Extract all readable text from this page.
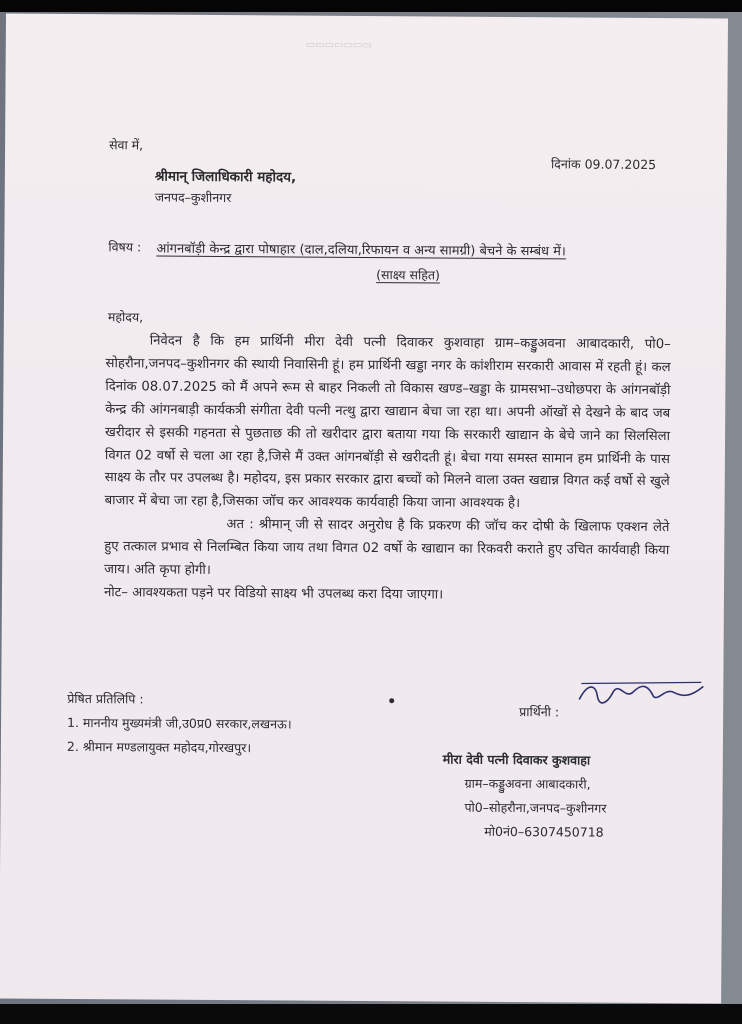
▭▭▭▭▭▭▭
सेवा में,
दिनांक 09.07.2025
श्रीमान् जिलाधिकारी महोदय,
जनपद–कुशीनगर
विषय : आंगनबॉड़ी केन्द्र द्वारा पोषाहार (दाल,दलिया,रिफायन व अन्य सामग्री) बेचने के सम्बंध में।
(साक्ष्य सहित)
महोदय,

निवेदन है कि हम प्रार्थिनी मीरा देवी पत्नी दिवाकर कुशवाहा ग्राम–कड्डुअवना आबादकारी, पो0–सोहरौना,जनपद–कुशीनगर की स्थायी निवासिनी हूं। हम प्रार्थिनी खड्डा नगर के कांशीराम सरकारी आवास में रहती हूं। कल दिनांक 08.07.2025 को मैं अपने रूम से बाहर निकली तो विकास खण्ड–खड्डा के ग्रामसभा–उधोछपरा के आंगनबॉड़ी केन्द्र की आंगनबाड़ी कार्यकत्री संगीता देवी पत्नी नत्थु द्वारा खाद्यान बेचा जा रहा था। अपनी ऑखों से देखने के बाद जब खरीदार से इसकी गहनता से पुछताछ की तो खरीदार द्वारा बताया गया कि सरकारी खाद्यान के बेचे जाने का सिलसिला विगत 02 वर्षो से चला आ रहा है,जिसे मैं उक्त आंगनबॉड़ी से खरीदती हूं। बेचा गया समस्त सामान हम प्रार्थिनी के पास साक्ष्य के तौर पर उपलब्ध है। महोदय, इस प्रकार सरकार द्वारा बच्चों को मिलने वाला उक्त खद्यान्न विगत कई वर्षो से खुले बाजार में बेचा जा रहा है,जिसका जॉच कर आवश्यक कार्यवाही किया जाना आवश्यक है।

अत : श्रीमान् जी से सादर अनुरोध है कि प्रकरण की जॉच कर दोषी के खिलाफ एक्शन लेते हुए तत्काल प्रभाव से निलम्बित किया जाय तथा विगत 02 वर्षो के खाद्यान का रिकवरी कराते हुए उचित कार्यवाही किया जाय। अति कृपा होगी।

नोट– आवश्यकता पड़ने पर विडियो साक्ष्य भी उपलब्ध करा दिया जाएगा।

प्रेषित प्रतिलिपि :
1. माननीय मुख्यमंत्री जी,उ0प्र0 सरकार,लखनऊ।
2. श्रीमान मण्डलायुक्त महोदय,गोरखपुर।
प्रार्थिनी :
मीरा देवी पत्नी दिवाकर कुशवाहा
ग्राम–कड्डुअवना आबादकारी,
पो0–सोहरौना,जनपद–कुशीनगर
मो0नं0–6307450718
